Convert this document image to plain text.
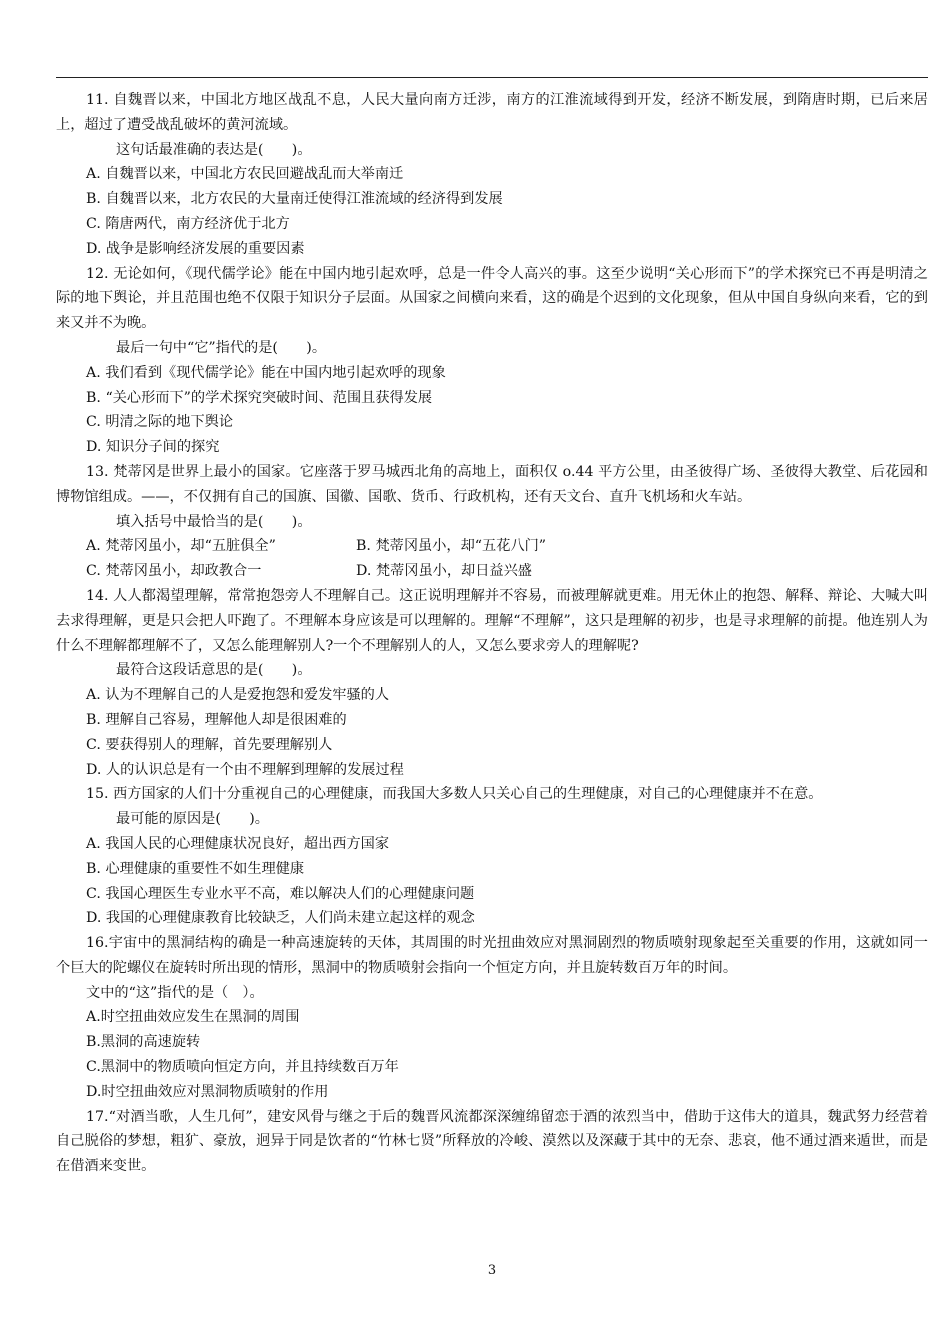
11. 自魏晋以来，中国北方地区战乱不息，人民大量向南方迁涉，南方的江淮流域得到开发，经济不断发展，到隋唐时期，已后来居上，超过了遭受战乱破坏的黄河流域。

这句话最准确的表达是(　　)。

A. 自魏晋以来，中国北方农民回避战乱而大举南迁

B. 自魏晋以来，北方农民的大量南迁使得江淮流域的经济得到发展

C. 隋唐两代，南方经济优于北方

D. 战争是影响经济发展的重要因素

12. 无论如何，《现代儒学论》能在中国内地引起欢呼，总是一件令人高兴的事。这至少说明“关心形而下”的学术探究已不再是明清之际的地下舆论，并且范围也绝不仅限于知识分子层面。从国家之间横向来看，这的确是个迟到的文化现象，但从中国自身纵向来看，它的到来又并不为晚。

最后一句中“它”指代的是(　　)。

A. 我们看到《现代儒学论》能在中国内地引起欢呼的现象

B. “关心形而下”的学术探究突破时间、范围且获得发展

C. 明清之际的地下舆论

D. 知识分子间的探究

13. 梵蒂冈是世界上最小的国家。它座落于罗马城西北角的高地上，面积仅 o.44 平方公里，由圣彼得广场、圣彼得大教堂、后花园和博物馆组成。——，不仅拥有自己的国旗、国徽、国歌、货币、行政机构，还有天文台、直升飞机场和火车站。

填入括号中最恰当的是(　　)。

A. 梵蒂冈虽小，却“五脏俱全”	B. 梵蒂冈虽小，却“五花八门”

C. 梵蒂冈虽小，却政教合一	D. 梵蒂冈虽小，却日益兴盛

14. 人人都渴望理解，常常抱怨旁人不理解自己。这正说明理解并不容易，而被理解就更难。用无休止的抱怨、解释、辩论、大喊大叫去求得理解，更是只会把人吓跑了。不理解本身应该是可以理解的。理解“不理解”，这只是理解的初步，也是寻求理解的前提。他连别人为什么不理解都理解不了，又怎么能理解别人?一个不理解别人的人，又怎么要求旁人的理解呢?

最符合这段话意思的是(　　)。

A. 认为不理解自己的人是爱抱怨和爱发牢骚的人

B. 理解自己容易，理解他人却是很困难的

C. 要获得别人的理解，首先要理解别人

D. 人的认识总是有一个由不理解到理解的发展过程

15. 西方国家的人们十分重视自己的心理健康，而我国大多数人只关心自己的生理健康，对自己的心理健康并不在意。

最可能的原因是(　　)。

A. 我国人民的心理健康状况良好，超出西方国家

B. 心理健康的重要性不如生理健康

C. 我国心理医生专业水平不高，难以解决人们的心理健康问题

D. 我国的心理健康教育比较缺乏，人们尚未建立起这样的观念

16.宇宙中的黑洞结构的确是一种高速旋转的天体，其周围的时光扭曲效应对黑洞剧烈的物质喷射现象起至关重要的作用，这就如同一个巨大的陀螺仪在旋转时所出现的情形，黑洞中的物质喷射会指向一个恒定方向，并且旋转数百万年的时间。

文中的“这”指代的是（　）。

A.时空扭曲效应发生在黑洞的周围

B.黑洞的高速旋转

C.黑洞中的物质喷向恒定方向，并且持续数百万年

D.时空扭曲效应对黑洞物质喷射的作用

17.“对酒当歌，人生几何”，建安风骨与继之于后的魏晋风流都深深缠绵留恋于酒的浓烈当中，借助于这伟大的道具，魏武努力经营着自己脱俗的梦想，粗犷、豪放，迥异于同是饮者的“竹林七贤”所释放的冷峻、漠然以及深藏于其中的无奈、悲哀，他不通过酒来遁世，而是在借酒来变世。

3
